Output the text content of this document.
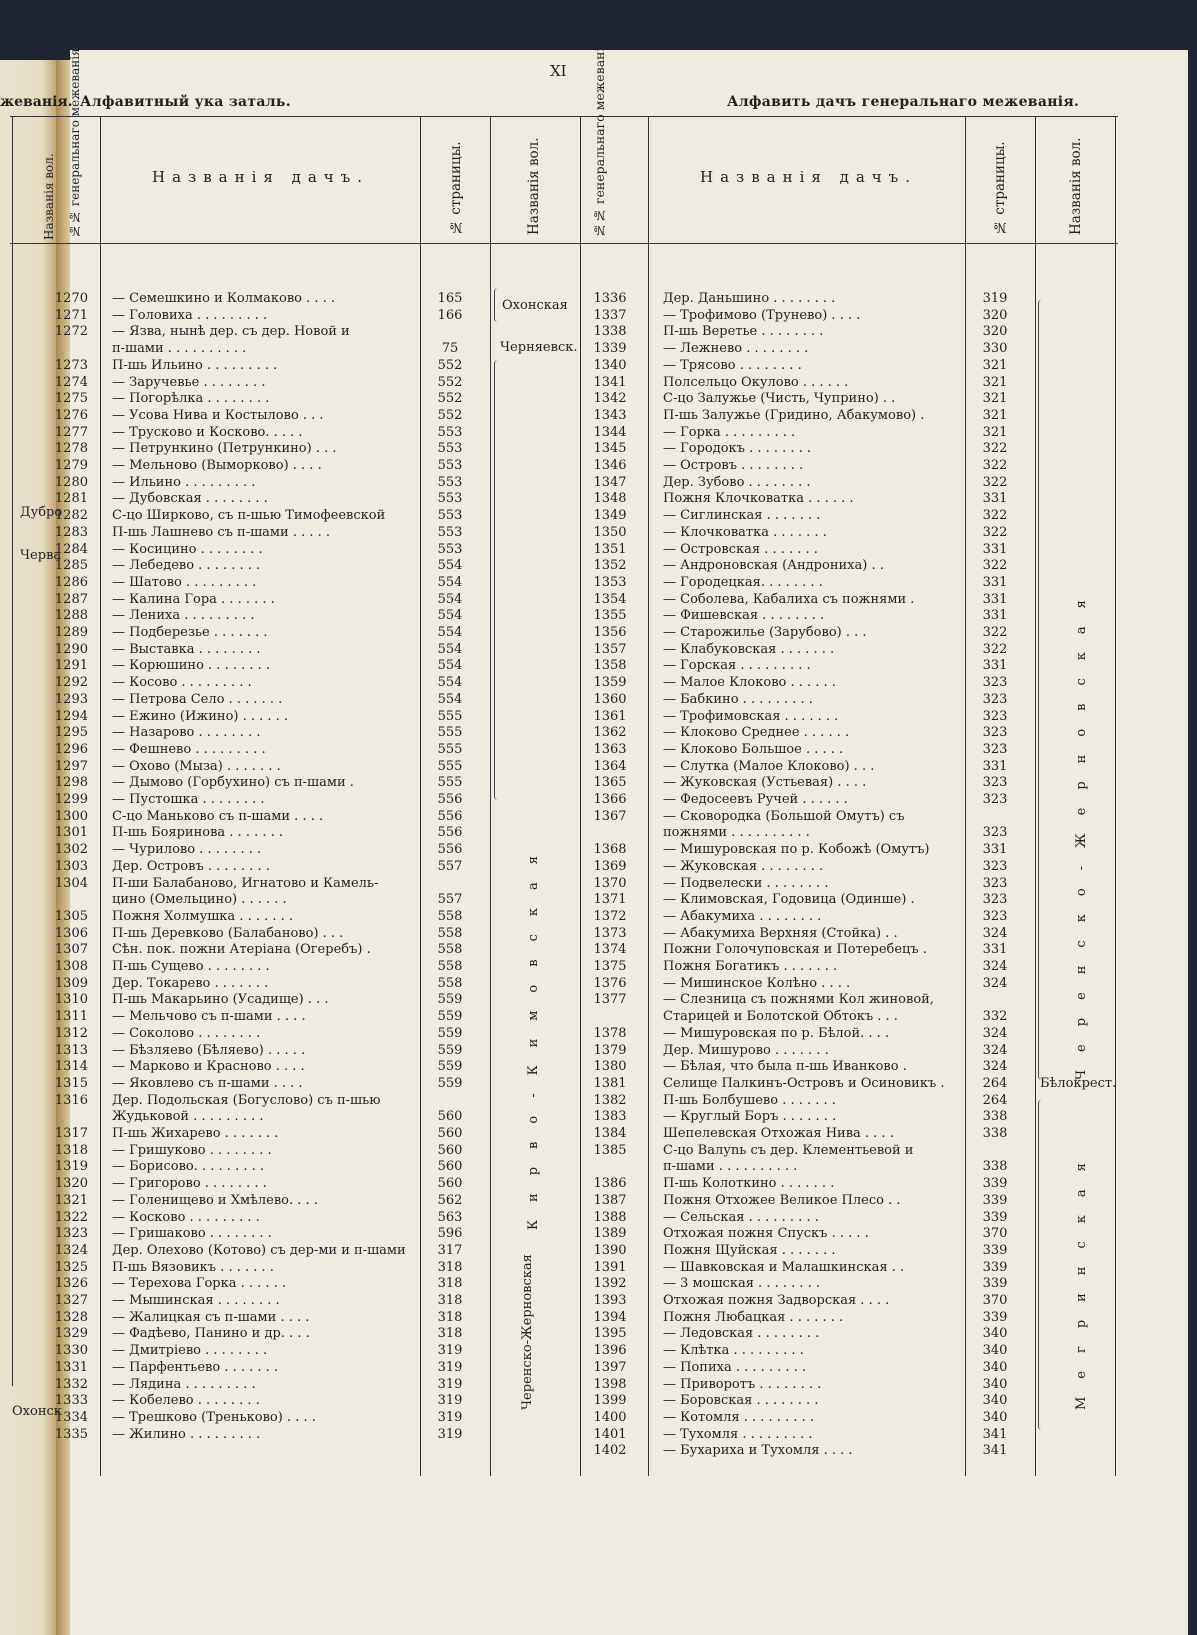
XI
жеванія. Алфавитный ука заталь.	Алфавить дачъ генеральнаго межеванія.
Названія вол. №№ генеральнаго межеванія.	Названія дачъ.	№ страницы.	Названія вол.	№№ генеральнаго межеванія.	Названія дачъ.	№ страницы.	Названія вол.
1270 — Семешкино и Колмаково . . . .	165
1271 — Головиха . . . . . . . . .	166
1272 — Язва, нынѣ дер. съ дер. Новой и
п-шами . . . . . . . . . .	75
1273 П-шь Ильино . . . . . . . . .	552
1274 — Заручевье . . . . . . . .	552
1275 — Погорѣлка . . . . . . . .	552
1276 — Усова Нива и Костылово . . .	552
1277 — Трусково и Косково. . . . .	553
1278 — Петрункино (Петрункино) . . .	553
1279 — Мельново (Выморково) . . . .	553
1280 — Ильино . . . . . . . . .	553
1281 — Дубовская . . . . . . . .	553
1282 С-цо Ширково, съ п-шью Тимофеевской	553
1283 П-шь Лашнево съ п-шами . . . . .	553
1284 — Косицино . . . . . . . .	553
1285 — Лебедево . . . . . . . .	554
1286 — Шатово . . . . . . . . .	554
1287 — Калина Гора . . . . . . .	554
1288 — Лениха . . . . . . . . .	554
1289 — Подберезье . . . . . . .	554
1290 — Выставка . . . . . . . .	554
1291 — Корюшино . . . . . . . .	554
1292 — Косово . . . . . . . . .	554
1293 — Петрова Село . . . . . . .	554
1294 — Ежино (Ижино) . . . . . .	555
1295 — Назарово . . . . . . . .	555
1296 — Фешнево . . . . . . . . .	555
1297 — Охово (Мыза) . . . . . . .	555
1298 — Дымово (Горбухино) съ п-шами .	555
1299 — Пустошка . . . . . . . .	556
1300 С-цо Маньково съ п-шами . . . .	556
1301 П-шь Бояринова . . . . . . .	556
1302 — Чурилово . . . . . . . .	556
1303 Дер. Островъ . . . . . . . .	557
1304 П-ши Балабаново, Игнатово и Камель-
цино (Омельцино) . . . . . .	557
1305 Пожня Холмушка . . . . . . .	558
1306 П-шь Деревково (Балабаново) . . .	558
1307 Сѣн. пок. пожни Атеріана (Огеребъ) .	558
1308 П-шь Сущево . . . . . . . .	558
1309 Дер. Токарево . . . . . . .	558
1310 П-шь Макарьино (Усадище) . . .	559
1311 — Мельчово съ п-шами . . . .	559
1312 — Соколово . . . . . . . .	559
1313 — Бѣзляево (Бѣляево) . . . . .	559
1314 — Марково и Красново . . . .	559
1315 — Яковлево съ п-шами . . . .	559
1316 Дер. Подольская (Богуслово) съ п-шью
Жудьковой . . . . . . . . .	560
1317 П-шь Жихарево . . . . . . .	560
1318 — Гришуково . . . . . . . .	560
1319 — Борисово. . . . . . . . .	560
1320 — Григорово . . . . . . . .	560
1321 — Голенищево и Хмѣлево. . . .	562
1322 — Косково . . . . . . . . .	563
1323 — Гришаково . . . . . . . .	596
1324 Дер. Олехово (Котово) съ дер-ми и п-шами	317
1325 П-шь Вязовикъ . . . . . . .	318
1326 — Терехова Горка . . . . . .	318
1327 — Мышинская . . . . . . . .	318
1328 — Жалицкая съ п-шами . . . .	318
1329 — Фадѣево, Панино и др. . . .	318
1330 — Дмитріево . . . . . . . .	319
1331 — Парфентьево . . . . . . .	319
1332 — Лядина . . . . . . . . .	319
1333 — Кобелево . . . . . . . .	319
1334 — Трешково (Треньково) . . . .	319
1335 — Жилино . . . . . . . . .	319
1336	Дер. Даньшино . . . . . . . .	319
1337	— Трофимово (Трунево) . . . .	320
1338	П-шь Веретье . . . . . . . .	320
1339	— Лежнево . . . . . . . .	330
1340	— Трясово . . . . . . . .	321
1341	Полсельцо Окулово . . . . . .	321
1342	С-цо Залужье (Чисть, Чуприно) . .	321
1343	П-шь Залужье (Гридино, Абакумово) .	321
1344	— Горка . . . . . . . . .	321
1345	— Городокъ . . . . . . . .	322
1346	— Островъ . . . . . . . .	322
1347	Дер. Зубово . . . . . . . .	322
1348	Пожня Клочковатка . . . . . .	331
1349	— Сиглинская . . . . . . .	322
1350	— Клочковатка . . . . . . .	322
1351	— Островская . . . . . . .	331
1352	— Андроновская (Андрониха) . .	322
1353	— Городецкая. . . . . . . .	331
1354	— Соболева, Кабалиха съ пожнями .	331
1355	— Фишевская . . . . . . . .	331
1356	— Старожилье (Зарубово) . . .	322
1357	— Клабуковская . . . . . . .	322
1358	— Горская . . . . . . . . .	331
1359	— Малое Клоково . . . . . .	323
1360	— Бабкино . . . . . . . . .	323
1361	— Трофимовская . . . . . . .	323
1362	— Клоково Среднее . . . . . .	323
1363	— Клоково Большое . . . . .	323
1364	— Слутка (Малое Клоково) . . .	331
1365	— Жуковская (Устьевая) . . . .	323
1366	— Федосеевъ Ручей . . . . . .	323
1367	— Сковородка (Большой Омутъ) съ
пожнями . . . . . . . . . .	323
1368	— Мишуровская по р. Кобожѣ (Омутъ)	331
1369	— Жуковская . . . . . . . .	323
1370	— Подвелески . . . . . . . .	323
1371	— Климовская, Годовица (Одинше) .	323
1372	— Абакумиха . . . . . . . .	323
1373	— Абакумиха Верхняя (Стойка) . .	324
1374	Пожни Голочуповская и Потеребецъ .	331
1375	Пожня Богатикъ . . . . . . .	324
1376	— Мишинское Колѣно . . . .	324
1377	— Слезница съ пожнями Кол жиновой,
Старицей и Болотской Обтокъ . . .	332
1378	— Мишуровская по р. Бѣлой. . . .	324
1379	Дер. Мишурово . . . . . . .	324
1380	— Бѣлая, что была п-шь Иванково .	324
1381	Селище Палкинъ-Островъ и Осиновикъ .	264
1382	П-шь Болбушево . . . . . . .	264
1383	— Круглый Боръ . . . . . . .	338
1384	Шепелевская Отхожая Нива . . . .	338
1385	С-цо Валуnь съ дер. Клементьевой и
п-шами . . . . . . . . . .	338
1386	П-шь Колоткино . . . . . . .	339
1387	Пожня Отхожее Великое Плесо . .	339
1388	— Сельская . . . . . . . . .	339
1389	Отхожая пожня Спускъ . . . . .	370
1390	Пожня Щуйская . . . . . . .	339
1391	— Шавковская и Малашкинская . .	339
1392	— 3 мошская . . . . . . . .	339
1393	Отхожая пожня Задворская . . . .	370
1394	Пожня Любацкая . . . . . . .	339
1395	— Ледовская . . . . . . . .	340
1396	— Клѣтка . . . . . . . . .	340
1397	— Попиха . . . . . . . . .	340
1398	— Приворотъ . . . . . . . .	340
1399	— Боровская . . . . . . . .	340
1400	— Котомля . . . . . . . . .	340
1401	— Тухомля . . . . . . . . .	341
1402	— Бухариха и Тухомля . . . .	341
Охонская
Черняевск.
Кирво-Кимовская
Черенско-Жерновская
Черенско-Жерновская
Бѣлокрест.
Мегринская
Дубро
Черва
Охонск
